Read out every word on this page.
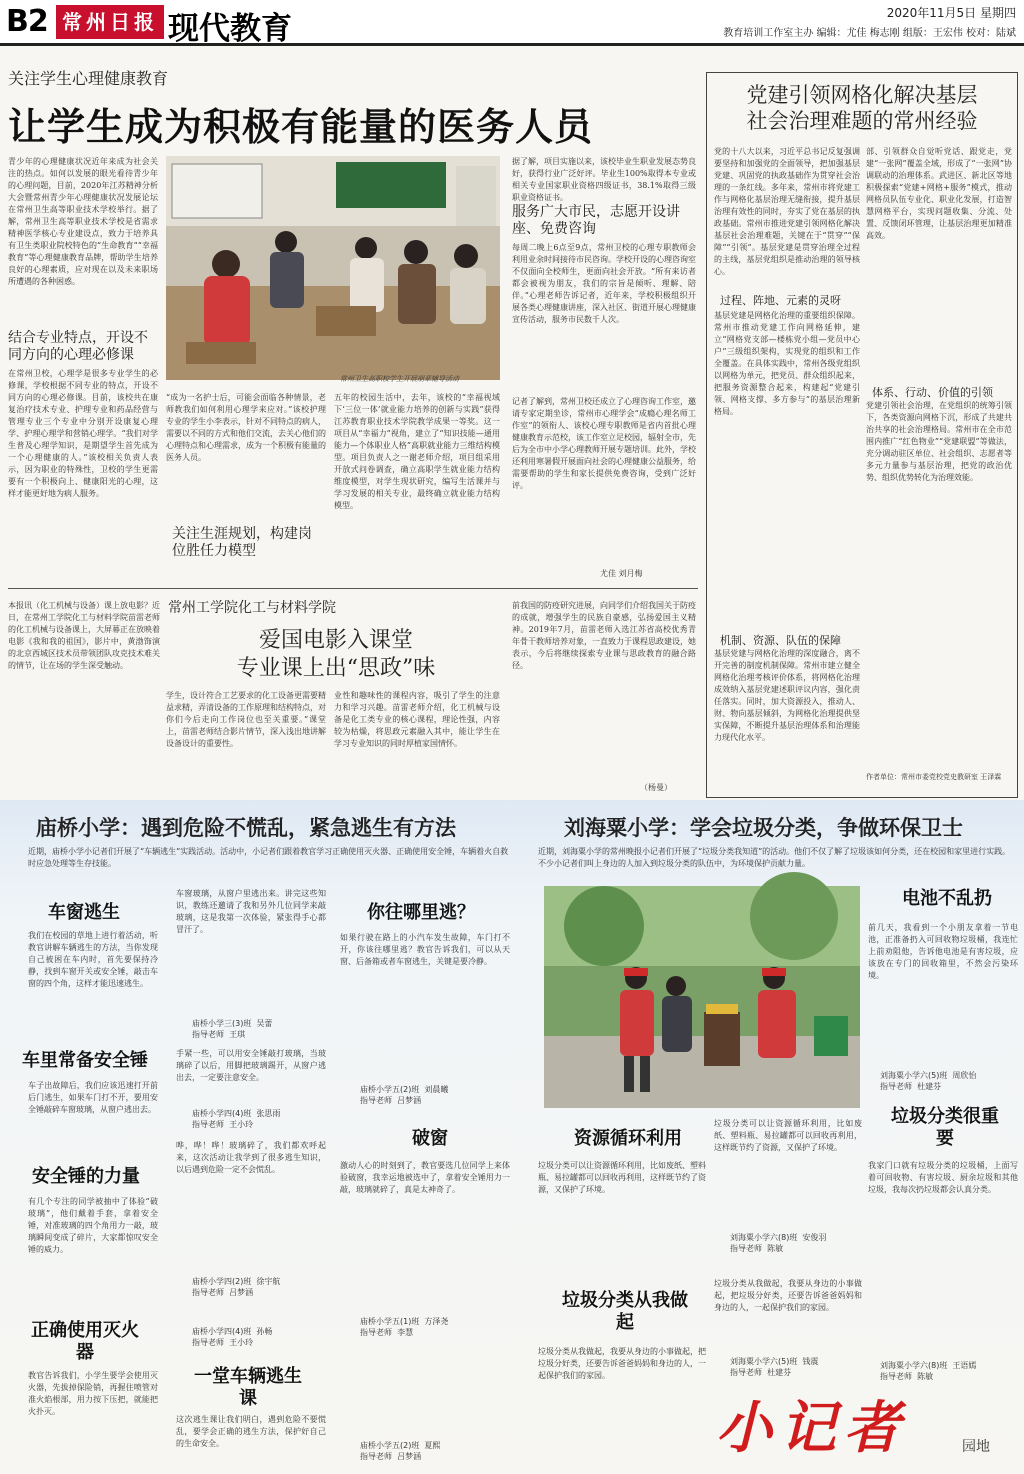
B2 常州日报 现代教育	2020年11月5日 星期四
教育培训工作室主办 编辑：尤佳 梅志刚 组版：王宏伟 校对：陆斌
关注学生心理健康教育
让学生成为积极有能量的医务人员
青少年的心理健康状况近年来成为社会关注的热点。如何以发展的眼光看待青少年的心理问题，目前，2020年江苏精神分析大会暨常州青少年心理健康状况发展论坛在常州卫生高等职业技术学校举行。据了解，常州卫生高等职业技术学校是省需求精神医学核心专业建设点，致力于培养具有卫生类职业院校特色的“生命教育”“幸福教育”等心理健康教育品牌，帮助学生培养良好的心理素质，应对现在以及未来职场所遭遇的各种困惑。
结合专业特点，开设不同方向的心理必修课
在常州卫校，心理学是很多专业学生的必修课，学校根据不同专业的特点，开设不同方向的心理必修课。目前，该校共在康复治疗技术专业、护理专业和药品经营与管理专业三个专业中分别开设康复心理学、护理心理学和营销心理学。“我们对学生普及心理学知识，是期望学生首先成为一个心理健康的人。”该校相关负责人表示，因为职业的特殊性，卫校的学生更需要有一个积极向上、健康阳光的心理，这样才能更好地为病人服务。
常州卫生高职校学生开展朋辈辅导活动
“成为一名护士后，可能会面临各种情景，老师教我们如何利用心理学来应对。”该校护理专业的学生小李表示，针对不同特点的病人，需要以不同的方式和他们交流，去关心他们的心理特点和心理需求，成为一个积极有能量的医务人员。
关注生涯规划，构建岗位胜任力模型
五年的校园生活中，去年，该校的“幸福视域下‘三位一体’就业能力培养的创新与实践”获得江苏教育职业技术学院教学成果一等奖。这一项目从“幸福力”视角，建立了“知识技能—通用能力—个体职业人格”高职就业能力三维结构模型。项目负责人之一谢老师介绍，项目组采用开放式问卷调查，确立高职学生就业能力结构维度模型，对学生现状研究，编写生活课并与学习发展的相关专业，最终确立就业能力结构模型。
据了解，项目实施以来，该校毕业生职业发展态势良好，获得行业广泛好评。毕业生100%取得本专业或相关专业国家职业资格四级证书，38.1%取得三级职业资格证书。
服务广大市民，志愿开设讲座、免费咨询
每周二晚上6点至9点，常州卫校的心理专职教师会利用业余时间接待市民咨询。学校开设的心理咨询室不仅面向全校师生，更面向社会开放。“所有来访者都会被视为朋友，我们的宗旨是倾听、理解、陪伴。”心理老师告诉记者，近年来，学校积极组织开展各类心理健康讲座，深入社区、街道开展心理健康宣传活动，服务市民数千人次。
记者了解到，常州卫校还成立了心理咨询工作室，邀请专家定期坐诊，常州市心理学会“成瘾心理名师工作室”的领衔人、该校心理专职教师是省内首批心理健康教育示范校，该工作室立足校园，辐射全市，先后为全市中小学心理教师开展专题培训。此外，学校还利用寒暑假开展面向社会的心理健康公益服务，给需要帮助的学生和家长提供免费咨询，受到广泛好评。
尤佳 刘月梅
常州工学院化工与材料学院
爱国电影入课堂
专业课上出“思政”味
本报讯（化工机械与设备）课上放电影？近日，在常州工学院化工与材料学院苗雷老师的化工机械与设备课上，大屏幕正在放映着电影《我和我的祖国》，影片中，黄渤饰演的北京西城区技术员带领团队攻克技术难关的情节，让在场的学生深受触动。
学生，设计符合工艺要求的化工设备更需要精益求精，弄清设备的工作原理和结构特点，对你们今后走向工作岗位也至关重要。”课堂上，苗雷老师结合影片情节，深入浅出地讲解设备设计的重要性。
业性和趣味性的课程内容，吸引了学生的注意力和学习兴趣。苗雷老师介绍，化工机械与设备是化工类专业的核心课程，理论性强，内容较为枯燥，将思政元素融入其中，能让学生在学习专业知识的同时厚植家国情怀。
前我国的防疫研究进展，向同学们介绍我国关于防疫的成就，增强学生的民族自豪感，弘扬爱国主义精神。2019年7月，苗雷老师入选江苏省高校优秀青年骨干教师培养对象，一直致力于课程思政建设，她表示，今后将继续探索专业课与思政教育的融合路径。
（杨曼）
党建引领网格化解决基层
社会治理难题的常州经验
党的十八大以来，习近平总书记反复强调要坚持和加强党的全面领导，把加强基层党建、巩固党的执政基础作为贯穿社会治理的一条红线。多年来，常州市将党建工作与网格化基层治理无缝衔接，提升基层治理有效性的同时，夯实了党在基层的执政基础。常州市推进党建引领网格化解决基层社会治理难题，关键在于“贯穿”“保障”“引领”。基层党建是贯穿治理全过程的主线，基层党组织是推动治理的领导核心。
过程、阵地、元素的灵呀
基层党建是网格化治理的重要组织保障。常州市推动党建工作向网格延伸，建立“网格党支部—楼栋党小组—党员中心户”三级组织架构，实现党的组织和工作全覆盖。在具体实践中，常州各级党组织以网格为单元，把党员、群众组织起来，把服务资源整合起来，构建起“党建引领、网格支撑、多方参与”的基层治理新格局。
机制、资源、队伍的保障
基层党建与网格化治理的深度融合，离不开完善的制度机制保障。常州市建立健全网格化治理考核评价体系，将网格化治理成效纳入基层党建述职评议内容，强化责任落实。同时，加大资源投入，推动人、财、物向基层倾斜，为网格化治理提供坚实保障，不断提升基层治理体系和治理能力现代化水平。
部、引领群众自觉听党话、跟党走，党建“一张网”覆盖全域，形成了“一张网”协调联动的治理体系。武进区、新北区等地积极探索“党建+网格+服务”模式，推动网格员队伍专业化、职业化发展，打造智慧网格平台，实现问题收集、分流、处置、反馈闭环管理，让基层治理更加精准高效。
体系、行动、价值的引领
党建引领社会治理，在党组织的统筹引领下，各类资源向网格下沉，形成了共建共治共享的社会治理格局。常州市在全市范围内推广“红色物业”“党建联盟”等做法，充分调动驻区单位、社会组织、志愿者等多元力量参与基层治理，把党的政治优势、组织优势转化为治理效能。
作者单位：常州市委党校党史教研室 王泽霖
庙桥小学：遇到危险不慌乱，紧急逃生有方法
近期，庙桥小学小记者们开展了“车辆逃生”实践活动。活动中，小记者们跟着教官学习正确使用灭火器、正确使用安全锤，车辆着火自救时应急处理等生存技能。
刘海粟小学：学会垃圾分类，争做环保卫士
近期，刘海粟小学的常州晚报小记者们开展了“垃圾分类我知道”的活动。他们不仅了解了垃圾该如何分类，还在校园和家里进行实践。不少小记者们叫上身边的人加入到垃圾分类的队伍中，为环境保护贡献力量。
车窗逃生
我们在校园的草地上进行着活动，听教官讲解车辆逃生的方法，当你发现自己被困在车内时，首先要保持冷静，找到车窗开关或安全锤，敲击车窗的四个角，这样才能迅速逃生。
车里常备安全锤
车子出故障后，我们应该迅速打开前后门逃生，如果车门打不开，要用安全锤敲碎车窗玻璃，从窗户逃出去。
安全锤的力量
有几个专注的同学被抽中了体验“破玻璃”，他们戴着手套，拿着安全锤，对准玻璃的四个角用力一敲，玻璃瞬间变成了碎片，大家都惊叹安全锤的威力。
正确使用灭火器
教官告诉我们，小学生要学会使用灭火器，先拔掉保险销，再握住喷管对准火焰根部，用力按下压把，就能把火扑灭。
车窗玻璃，从窗户里逃出来。讲完这些知识，教练还邀请了我和另外几位同学来敲玻璃，这是我第一次体验，紧张得手心都冒汗了。
庙桥小学三(3)班  吴蕾
指导老师  王琪
手紧一些，可以用安全锤敲打玻璃，当玻璃碎了以后，用脚把玻璃踢开，从窗户逃出去，一定要注意安全。
庙桥小学四(4)班  张思雨
指导老师  王小玲
哗，哗！哗！玻璃碎了，我们都欢呼起来，这次活动让我学到了很多逃生知识，以后遇到危险一定不会慌乱。
庙桥小学四(2)班  徐宇航
指导老师  吕梦涵
庙桥小学四(4)班  孙畅
指导老师  王小玲
一堂车辆逃生课
这次逃生课让我们明白，遇到危险不要慌乱，要学会正确的逃生方法，保护好自己的生命安全。
你往哪里逃？
如果行驶在路上的小汽车发生故障，车门打不开，你该往哪里逃？教官告诉我们，可以从天窗、后备箱或者车窗逃生，关键是要冷静。
庙桥小学五(2)班  刘晨曦
指导老师  吕梦涵
破窗
激动人心的时刻到了，教官要选几位同学上来体验破窗，我幸运地被选中了，拿着安全锤用力一敲，玻璃就碎了，真是太神奇了。
庙桥小学五(1)班  方泽尧
指导老师  李慧
庙桥小学五(2)班  夏熙
指导老师  吕梦涵
电池不乱扔
前几天，我看到一个小朋友拿着一节电池，正准备扔入可回收物垃圾桶，我连忙上前劝阻他，告诉他电池是有害垃圾，应该放在专门的回收箱里，不然会污染环境。
刘海粟小学六(5)班  周欣怡
指导老师  杜建芬
垃圾分类很重要
我家门口就有垃圾分类的垃圾桶，上面写着可回收物、有害垃圾、厨余垃圾和其他垃圾，我每次扔垃圾都会认真分类。
刘海粟小学六(8)班  王语嫣
指导老师  陈敏
资源循环利用
垃圾分类可以让资源循环利用，比如废纸、塑料瓶、易拉罐都可以回收再利用，这样既节约了资源，又保护了环境。
垃圾分类可以让资源循环利用，比如废纸、塑料瓶、易拉罐都可以回收再利用，这样既节约了资源，又保护了环境。
刘海粟小学六(8)班  安俊羽
指导老师  陈敏
垃圾分类从我做起
垃圾分类从我做起，我要从身边的小事做起，把垃圾分好类，还要告诉爸爸妈妈和身边的人，一起保护我们的家园。
垃圾分类从我做起，我要从身边的小事做起，把垃圾分好类，还要告诉爸爸妈妈和身边的人，一起保护我们的家园。
刘海粟小学六(5)班  钱震
指导老师  杜建芬
小记者	园地
